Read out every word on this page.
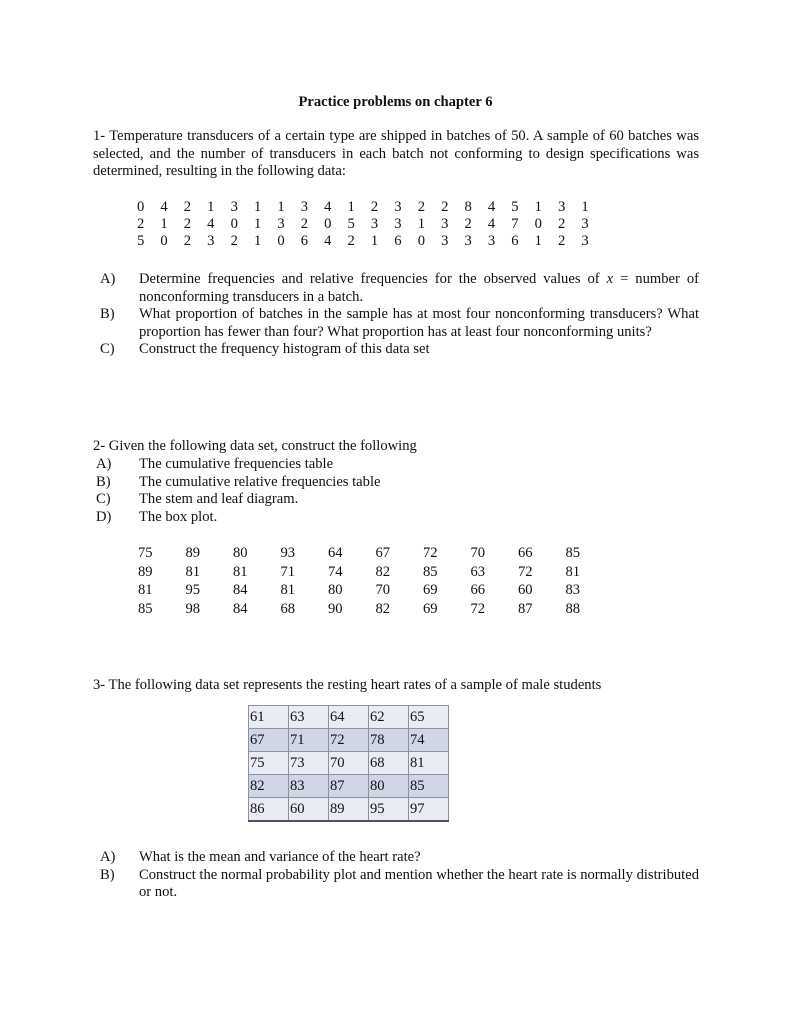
Practice problems on chapter 6
1- Temperature transducers of a certain type are shipped in batches of 50. A sample of 60 batches was selected, and the number of transducers in each batch not conforming to design specifications was determined, resulting in the following data:
0	4	2	1	3	1	1	3	4	1	2	3	2	2	8	4	5	1	3	1
2	1	2	4	0	1	3	2	0	5	3	3	1	3	2	4	7	0	2	3
5	0	2	3	2	1	0	6	4	2	1	6	0	3	3	3	6	1	2	3
A)	Determine frequencies and relative frequencies for the observed values of x = number of nonconforming transducers in a batch.
B)	What proportion of batches in the sample has at most four nonconforming transducers? What proportion has fewer than four? What proportion has at least four nonconforming units?
C)	Construct the frequency histogram of this data set
2- Given the following data set, construct the following
A)	The cumulative frequencies table
B)	The cumulative relative frequencies table
C)	The stem and leaf diagram.
D)	The box plot.
75	89	80	93	64	67	72	70	66	85
89	81	81	71	74	82	85	63	72	81
81	95	84	81	80	70	69	66	60	83
85	98	84	68	90	82	69	72	87	88
3- The following data set represents the resting heart rates of a sample of male students
61	63	64	62	65
67	71	72	78	74
75	73	70	68	81
82	83	87	80	85
86	60	89	95	97
A)	What is the mean and variance of the heart rate?
B)	Construct the normal probability plot and mention whether the heart rate is normally distributed or not.
